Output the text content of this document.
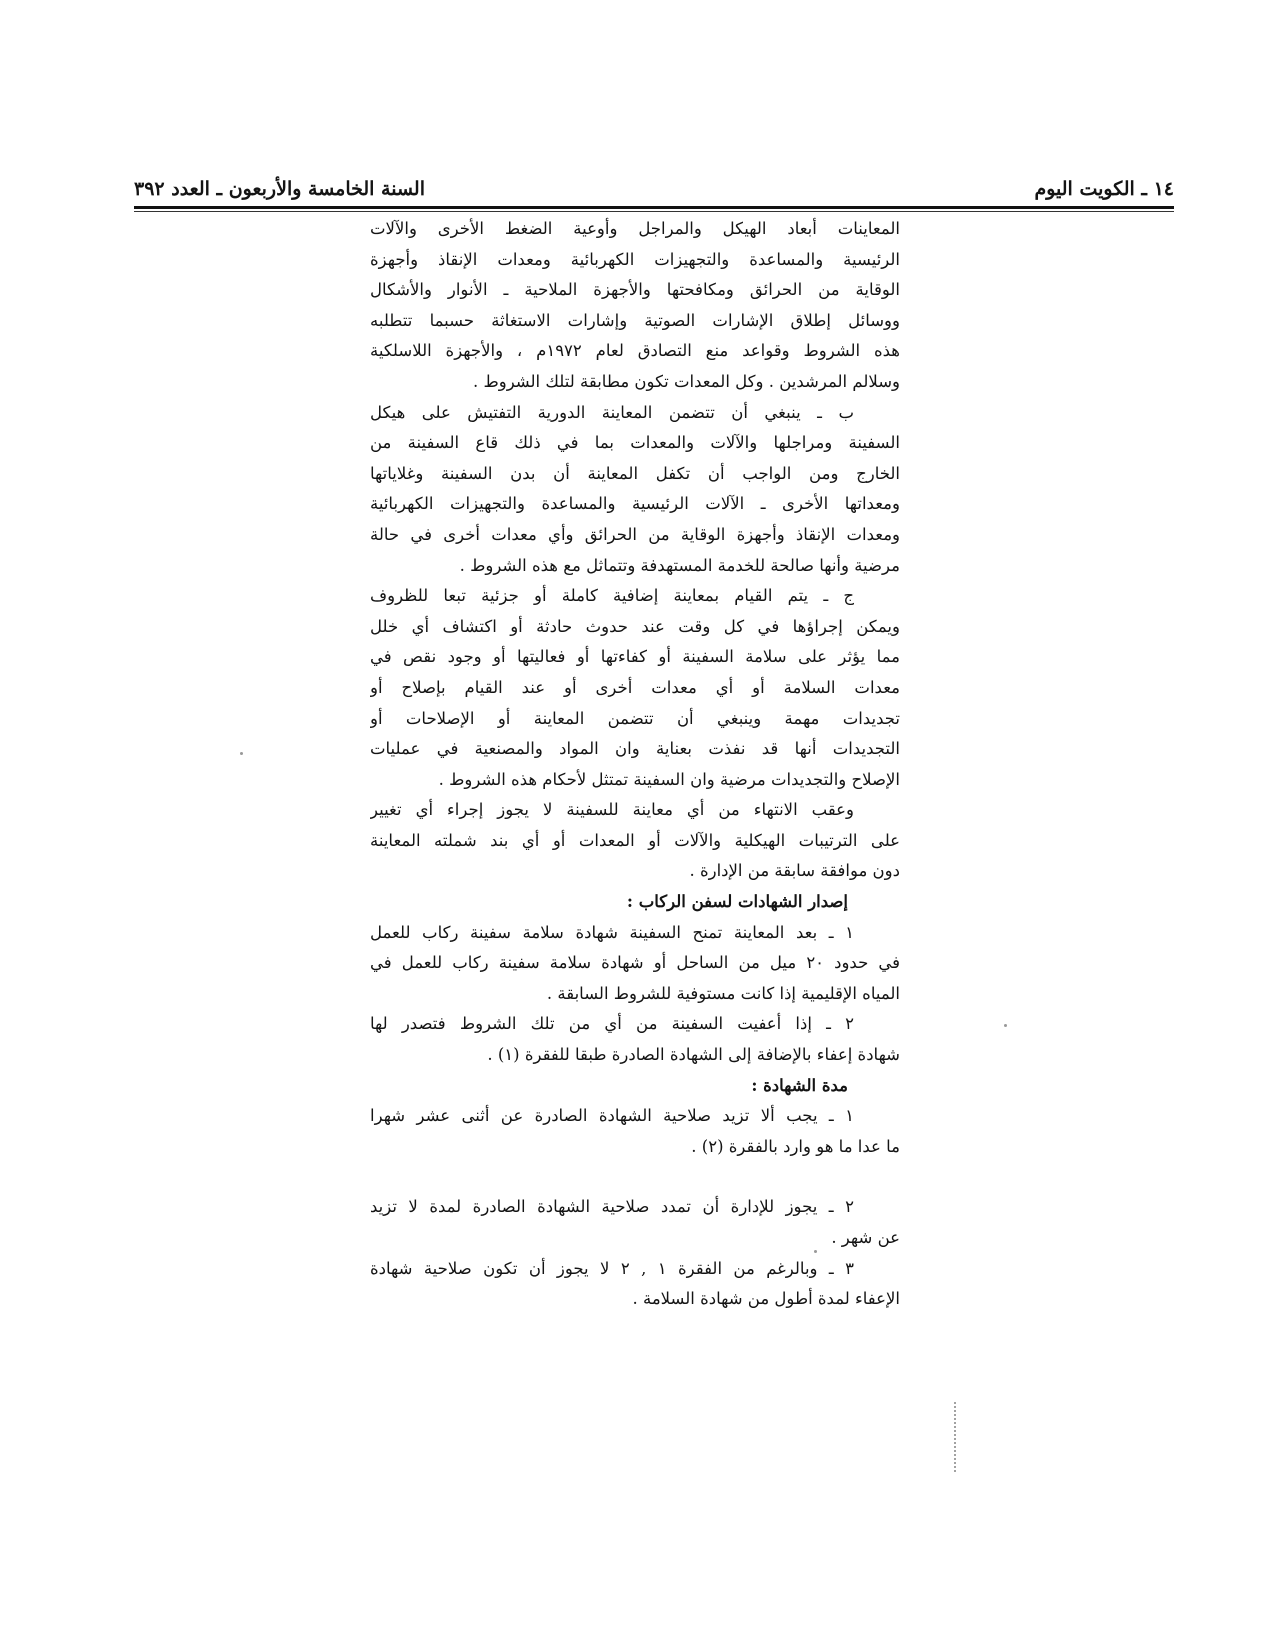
١٤ ـ الكويت اليوم
السنة الخامسة والأربعون ـ العدد ٣٩٢
المعاينات أبعاد الهيكل والمراجل وأوعية الضغط الأخرى والآلات
الرئيسية والمساعدة والتجهيزات الكهربائية ومعدات الإنقاذ وأجهزة
الوقاية من الحرائق ومكافحتها والأجهزة الملاحية ـ الأنوار والأشكال
ووسائل إطلاق الإشارات الصوتية وإشارات الاستغاثة حسبما تتطلبه
هذه الشروط وقواعد منع التصادق لعام ١٩٧٢م ، والأجهزة اللاسلكية
وسلالم المرشدين . وكل المعدات تكون مطابقة لتلك الشروط .
ب ـ ينبغي أن تتضمن المعاينة الدورية التفتيش على هيكل
السفينة ومراجلها والآلات والمعدات بما في ذلك قاع السفينة من
الخارج ومن الواجب أن تكفل المعاينة أن بدن السفينة وغلاياتها
ومعداتها الأخرى ـ الآلات الرئيسية والمساعدة والتجهيزات الكهربائية
ومعدات الإنقاذ وأجهزة الوقاية من الحرائق وأي معدات أخرى في حالة
مرضية وأنها صالحة للخدمة المستهدفة وتتماثل مع هذه الشروط .
ج ـ يتم القيام بمعاينة إضافية كاملة أو جزئية تبعا للظروف
ويمكن إجراؤها في كل وقت عند حدوث حادثة أو اكتشاف أي خلل
مما يؤثر على سلامة السفينة أو كفاءتها أو فعاليتها أو وجود نقص في
معدات السلامة أو أي معدات أخرى أو عند القيام بإصلاح أو
تجديدات مهمة وينبغي أن تتضمن المعاينة أو الإصلاحات أو
التجديدات أنها قد نفذت بعناية وان المواد والمصنعية في عمليات
الإصلاح والتجديدات مرضية وان السفينة تمتثل لأحكام هذه الشروط .
وعقب الانتهاء من أي معاينة للسفينة لا يجوز إجراء أي تغيير
على الترتيبات الهيكلية والآلات أو المعدات أو أي بند شملته المعاينة
دون موافقة سابقة من الإدارة .
إصدار الشهادات لسفن الركاب :
١ ـ بعد المعاينة تمنح السفينة شهادة سلامة سفينة ركاب للعمل
في حدود ٢٠ ميل من الساحل أو شهادة سلامة سفينة ركاب للعمل في
المياه الإقليمية إذا كانت مستوفية للشروط السابقة .
٢ ـ إذا أعفيت السفينة من أي من تلك الشروط فتصدر لها
شهادة إعفاء بالإضافة إلى الشهادة الصادرة طبقا للفقرة (١) .
مدة الشهادة :
١ ـ يجب ألا تزيد صلاحية الشهادة الصادرة عن أثنى عشر شهرا
ما عدا ما هو وارد بالفقرة (٢) .
٢ ـ يجوز للإدارة أن تمدد صلاحية الشهادة الصادرة لمدة لا تزيد
عن شهر .
٣ ـ وبالرغم من الفقرة ١ , ٢ لا يجوز أن تكون صلاحية شهادة
الإعفاء لمدة أطول من شهادة السلامة .
